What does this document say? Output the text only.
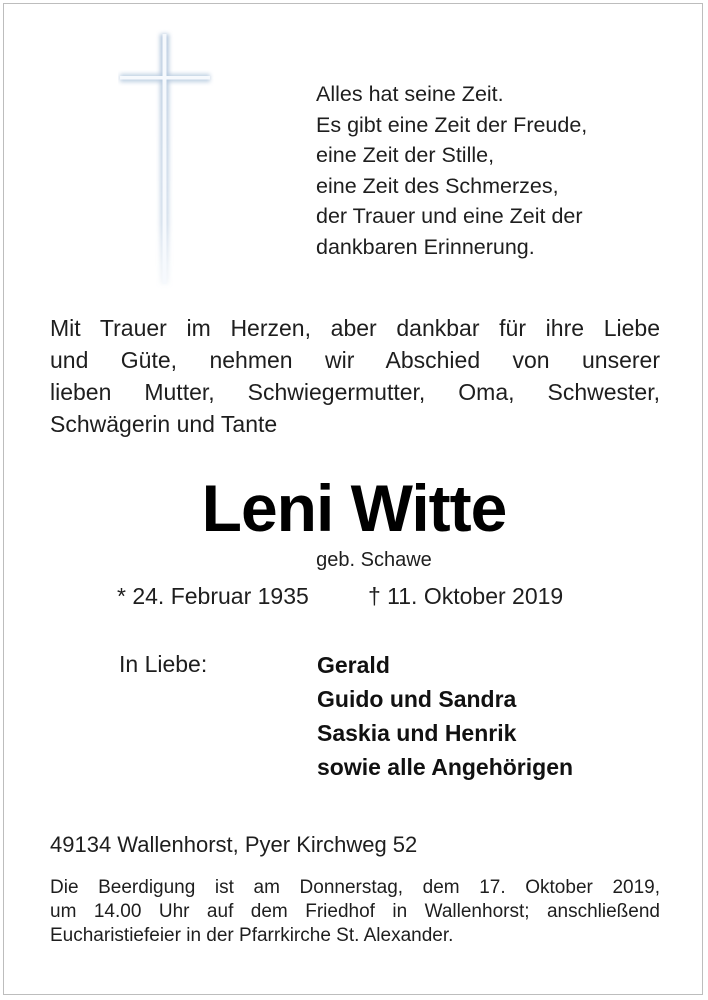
Alles hat seine Zeit.
Es gibt eine Zeit der Freude,
eine Zeit der Stille,
eine Zeit des Schmerzes,
der Trauer und eine Zeit der
dankbaren Erinnerung.
Mit Trauer im Herzen, aber dankbar für ihre Liebe
und Güte, nehmen wir Abschied von unserer
lieben Mutter, Schwiegermutter, Oma, Schwester,
Schwägerin und Tante
Leni Witte
geb. Schawe
* 24. Februar 1935	† 11. Oktober 2019
In Liebe:	Gerald
Guido und Sandra
Saskia und Henrik
sowie alle Angehörigen
49134 Wallenhorst, Pyer Kirchweg 52
Die Beerdigung ist am Donnerstag, dem 17. Oktober 2019,
um 14.00 Uhr auf dem Friedhof in Wallenhorst; anschließend
Eucharistiefeier in der Pfarrkirche St. Alexander.
